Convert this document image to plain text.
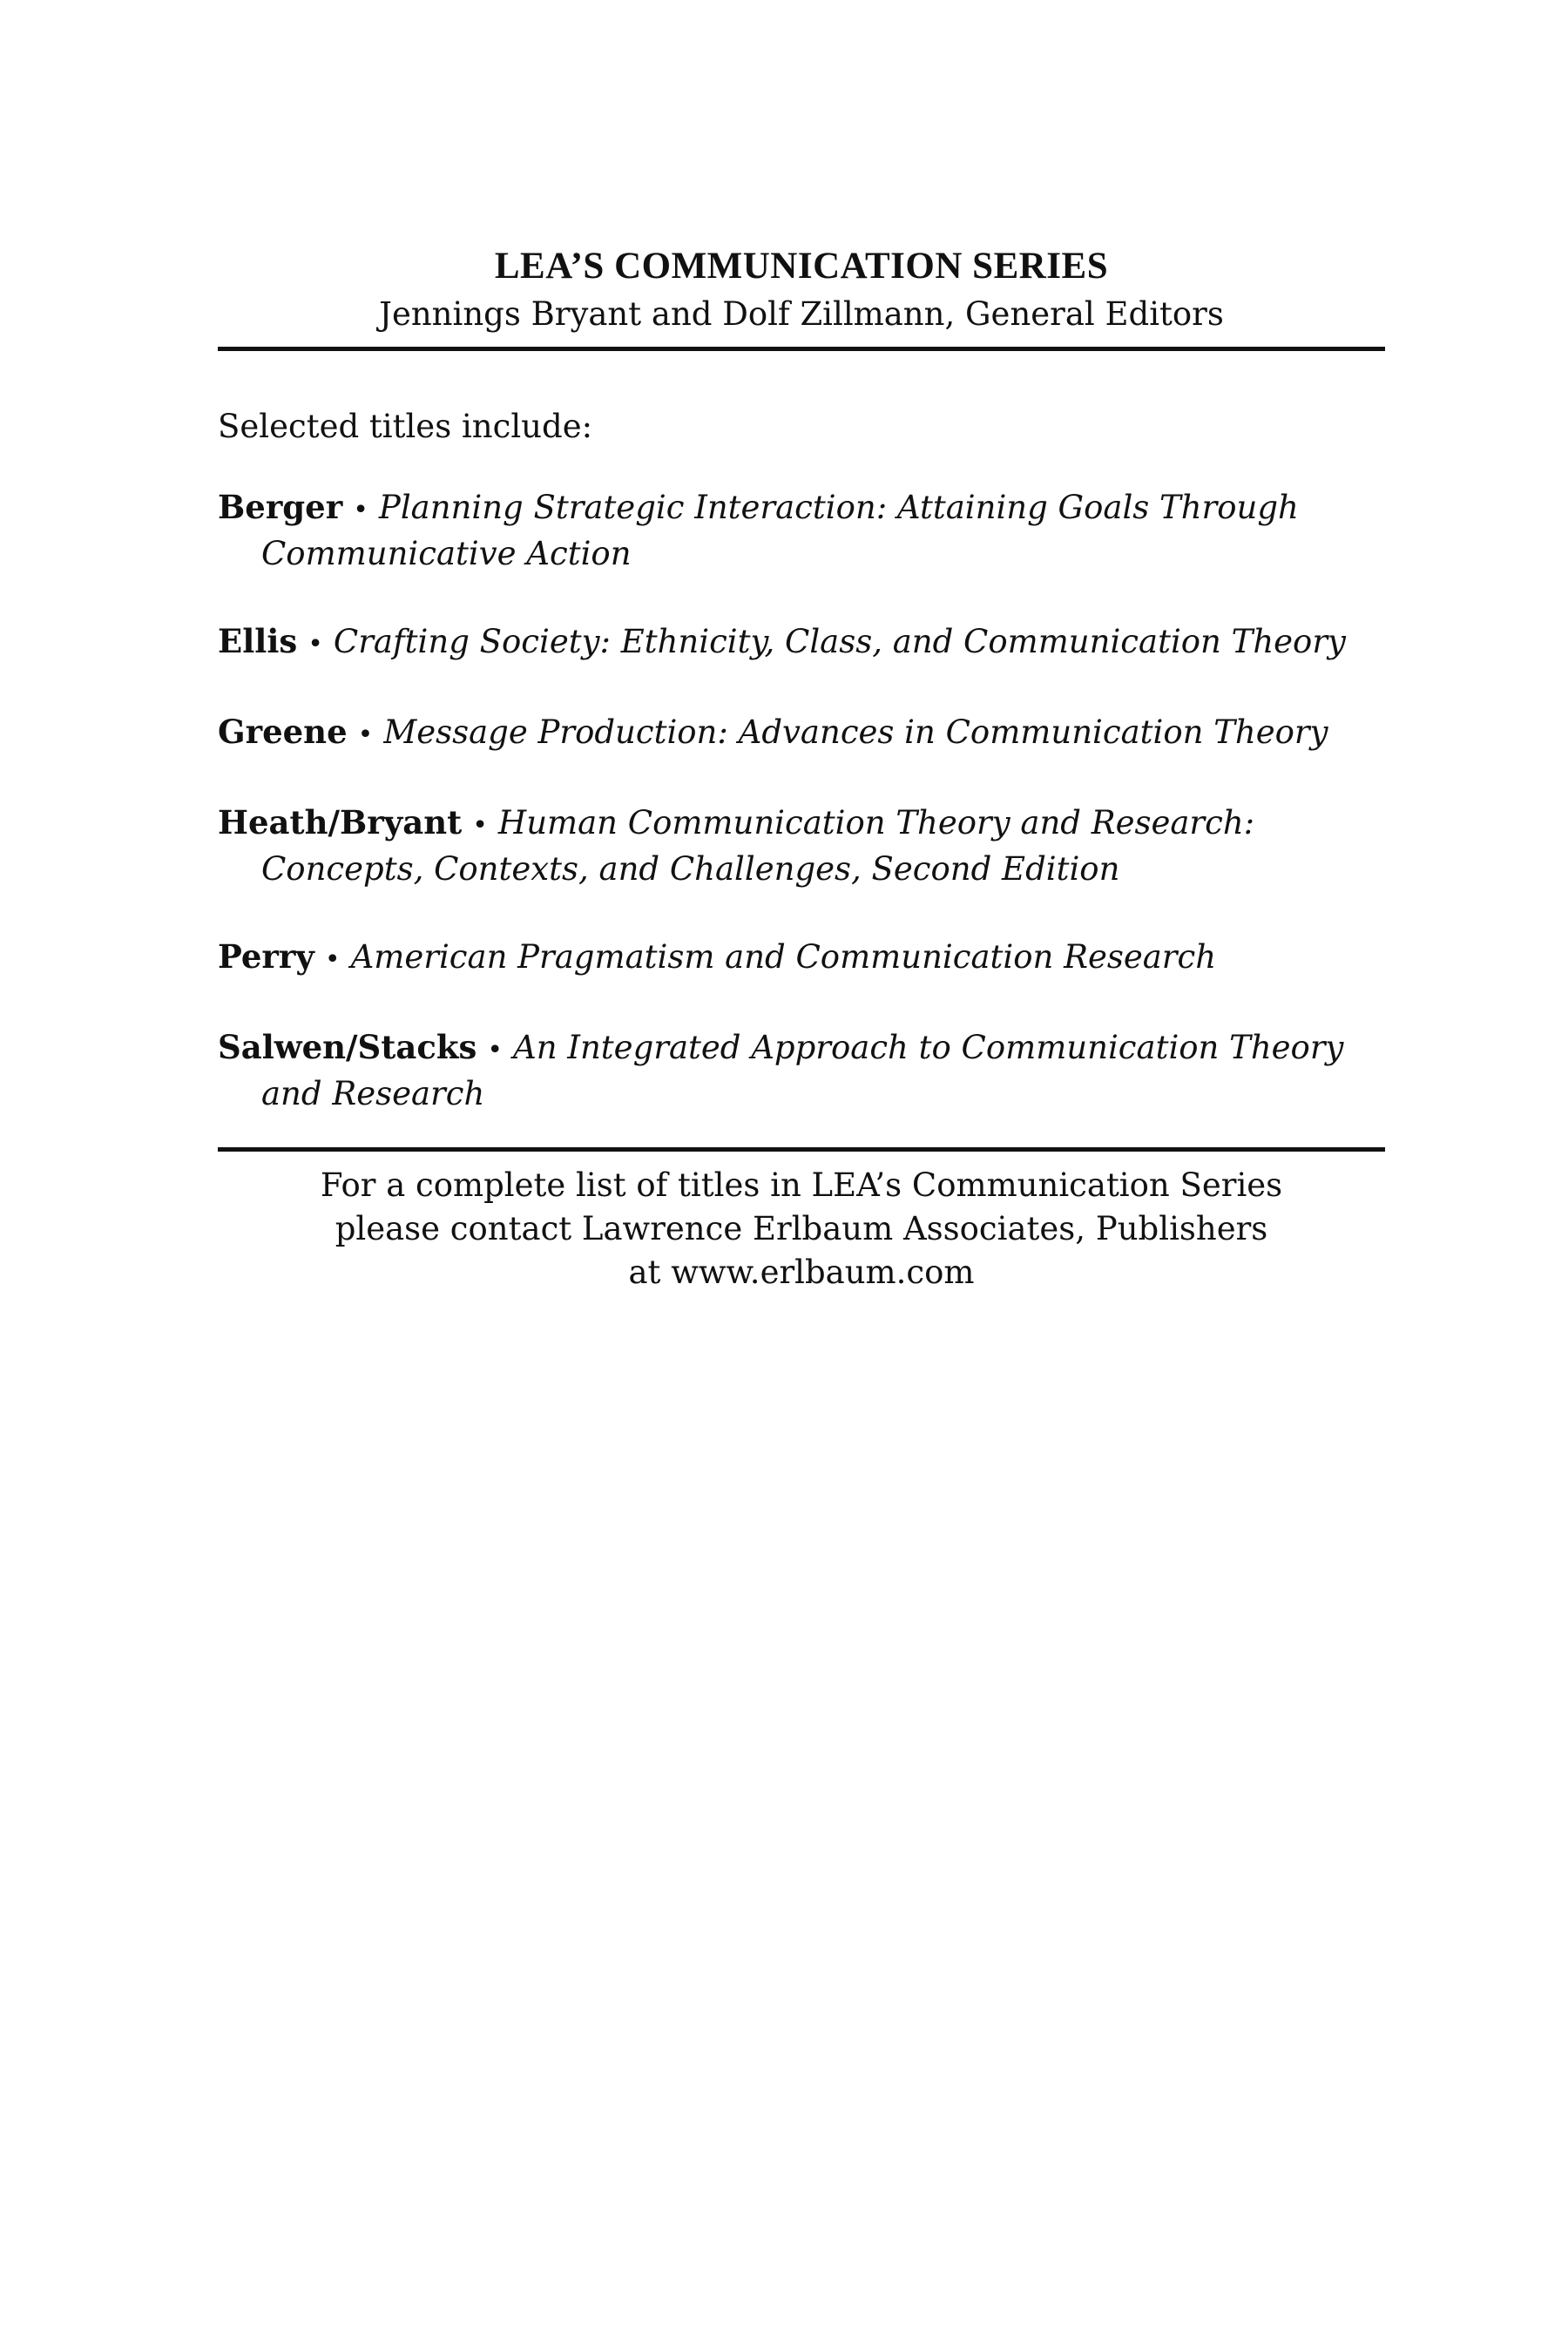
LEA’S COMMUNICATION SERIES

Jennings Bryant and Dolf Zillmann, General Editors

Selected titles include:

Berger • Planning Strategic Interaction: Attaining Goals Through Communicative Action
Ellis • Crafting Society: Ethnicity, Class, and Communication Theory
Greene • Message Production: Advances in Communication Theory
Heath/Bryant • Human Communication Theory and Research: Concepts, Contexts, and Challenges, Second Edition
Perry • American Pragmatism and Communication Research
Salwen/Stacks • An Integrated Approach to Communication Theory and Research

For a complete list of titles in LEA’s Communication Series

please contact Lawrence Erlbaum Associates, Publishers

at www.erlbaum.com
